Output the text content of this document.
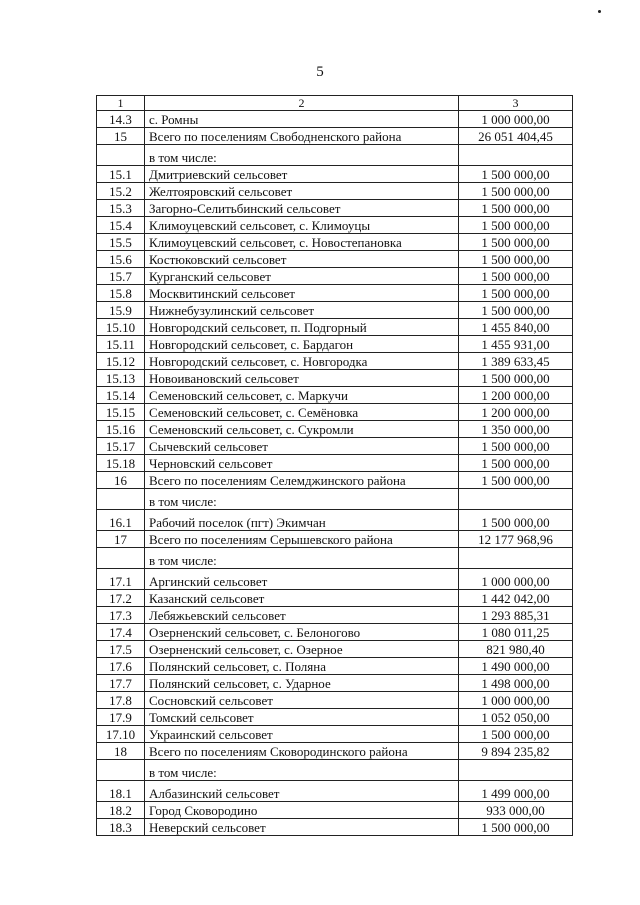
5
1	2	3
14.3	с. Ромны	1 000 000,00
15	Всего по поселениям Свободненского района	26 051 404,45
	в том числе:	
15.1	Дмитриевский сельсовет	1 500 000,00
15.2	Желтояровский сельсовет	1 500 000,00
15.3	Загорно-Селитьбинский сельсовет	1 500 000,00
15.4	Климоуцевский сельсовет, с. Климоуцы	1 500 000,00
15.5	Климоуцевский сельсовет, с. Новостепановка	1 500 000,00
15.6	Костюковский сельсовет	1 500 000,00
15.7	Курганский сельсовет	1 500 000,00
15.8	Москвитинский сельсовет	1 500 000,00
15.9	Нижнебузулинский сельсовет	1 500 000,00
15.10	Новгородский сельсовет, п. Подгорный	1 455 840,00
15.11	Новгородский сельсовет, с. Бардагон	1 455 931,00
15.12	Новгородский сельсовет, с. Новгородка	1 389 633,45
15.13	Новоивановский сельсовет	1 500 000,00
15.14	Семеновский сельсовет, с. Маркучи	1 200 000,00
15.15	Семеновский сельсовет, с. Семёновка	1 200 000,00
15.16	Семеновский сельсовет, с. Сукромли	1 350 000,00
15.17	Сычевский сельсовет	1 500 000,00
15.18	Черновский сельсовет	1 500 000,00
16	Всего по поселениям Селемджинского района	1 500 000,00
	в том числе:	
16.1	Рабочий поселок (пгт) Экимчан	1 500 000,00
17	Всего по поселениям Серышевского района	12 177 968,96
	в том числе:	
17.1	Аргинский сельсовет	1 000 000,00
17.2	Казанский сельсовет	1 442 042,00
17.3	Лебяжьевский сельсовет	1 293 885,31
17.4	Озерненский сельсовет, с. Белоногово	1 080 011,25
17.5	Озерненский сельсовет, с. Озерное	821 980,40
17.6	Полянский сельсовет, с. Поляна	1 490 000,00
17.7	Полянский сельсовет, с. Ударное	1 498 000,00
17.8	Сосновский сельсовет	1 000 000,00
17.9	Томский сельсовет	1 052 050,00
17.10	Украинский сельсовет	1 500 000,00
18	Всего по поселениям Сковородинского района	9 894 235,82
	в том числе:	
18.1	Албазинский сельсовет	1 499 000,00
18.2	Город Сковородино	933 000,00
18.3	Неверский сельсовет	1 500 000,00
